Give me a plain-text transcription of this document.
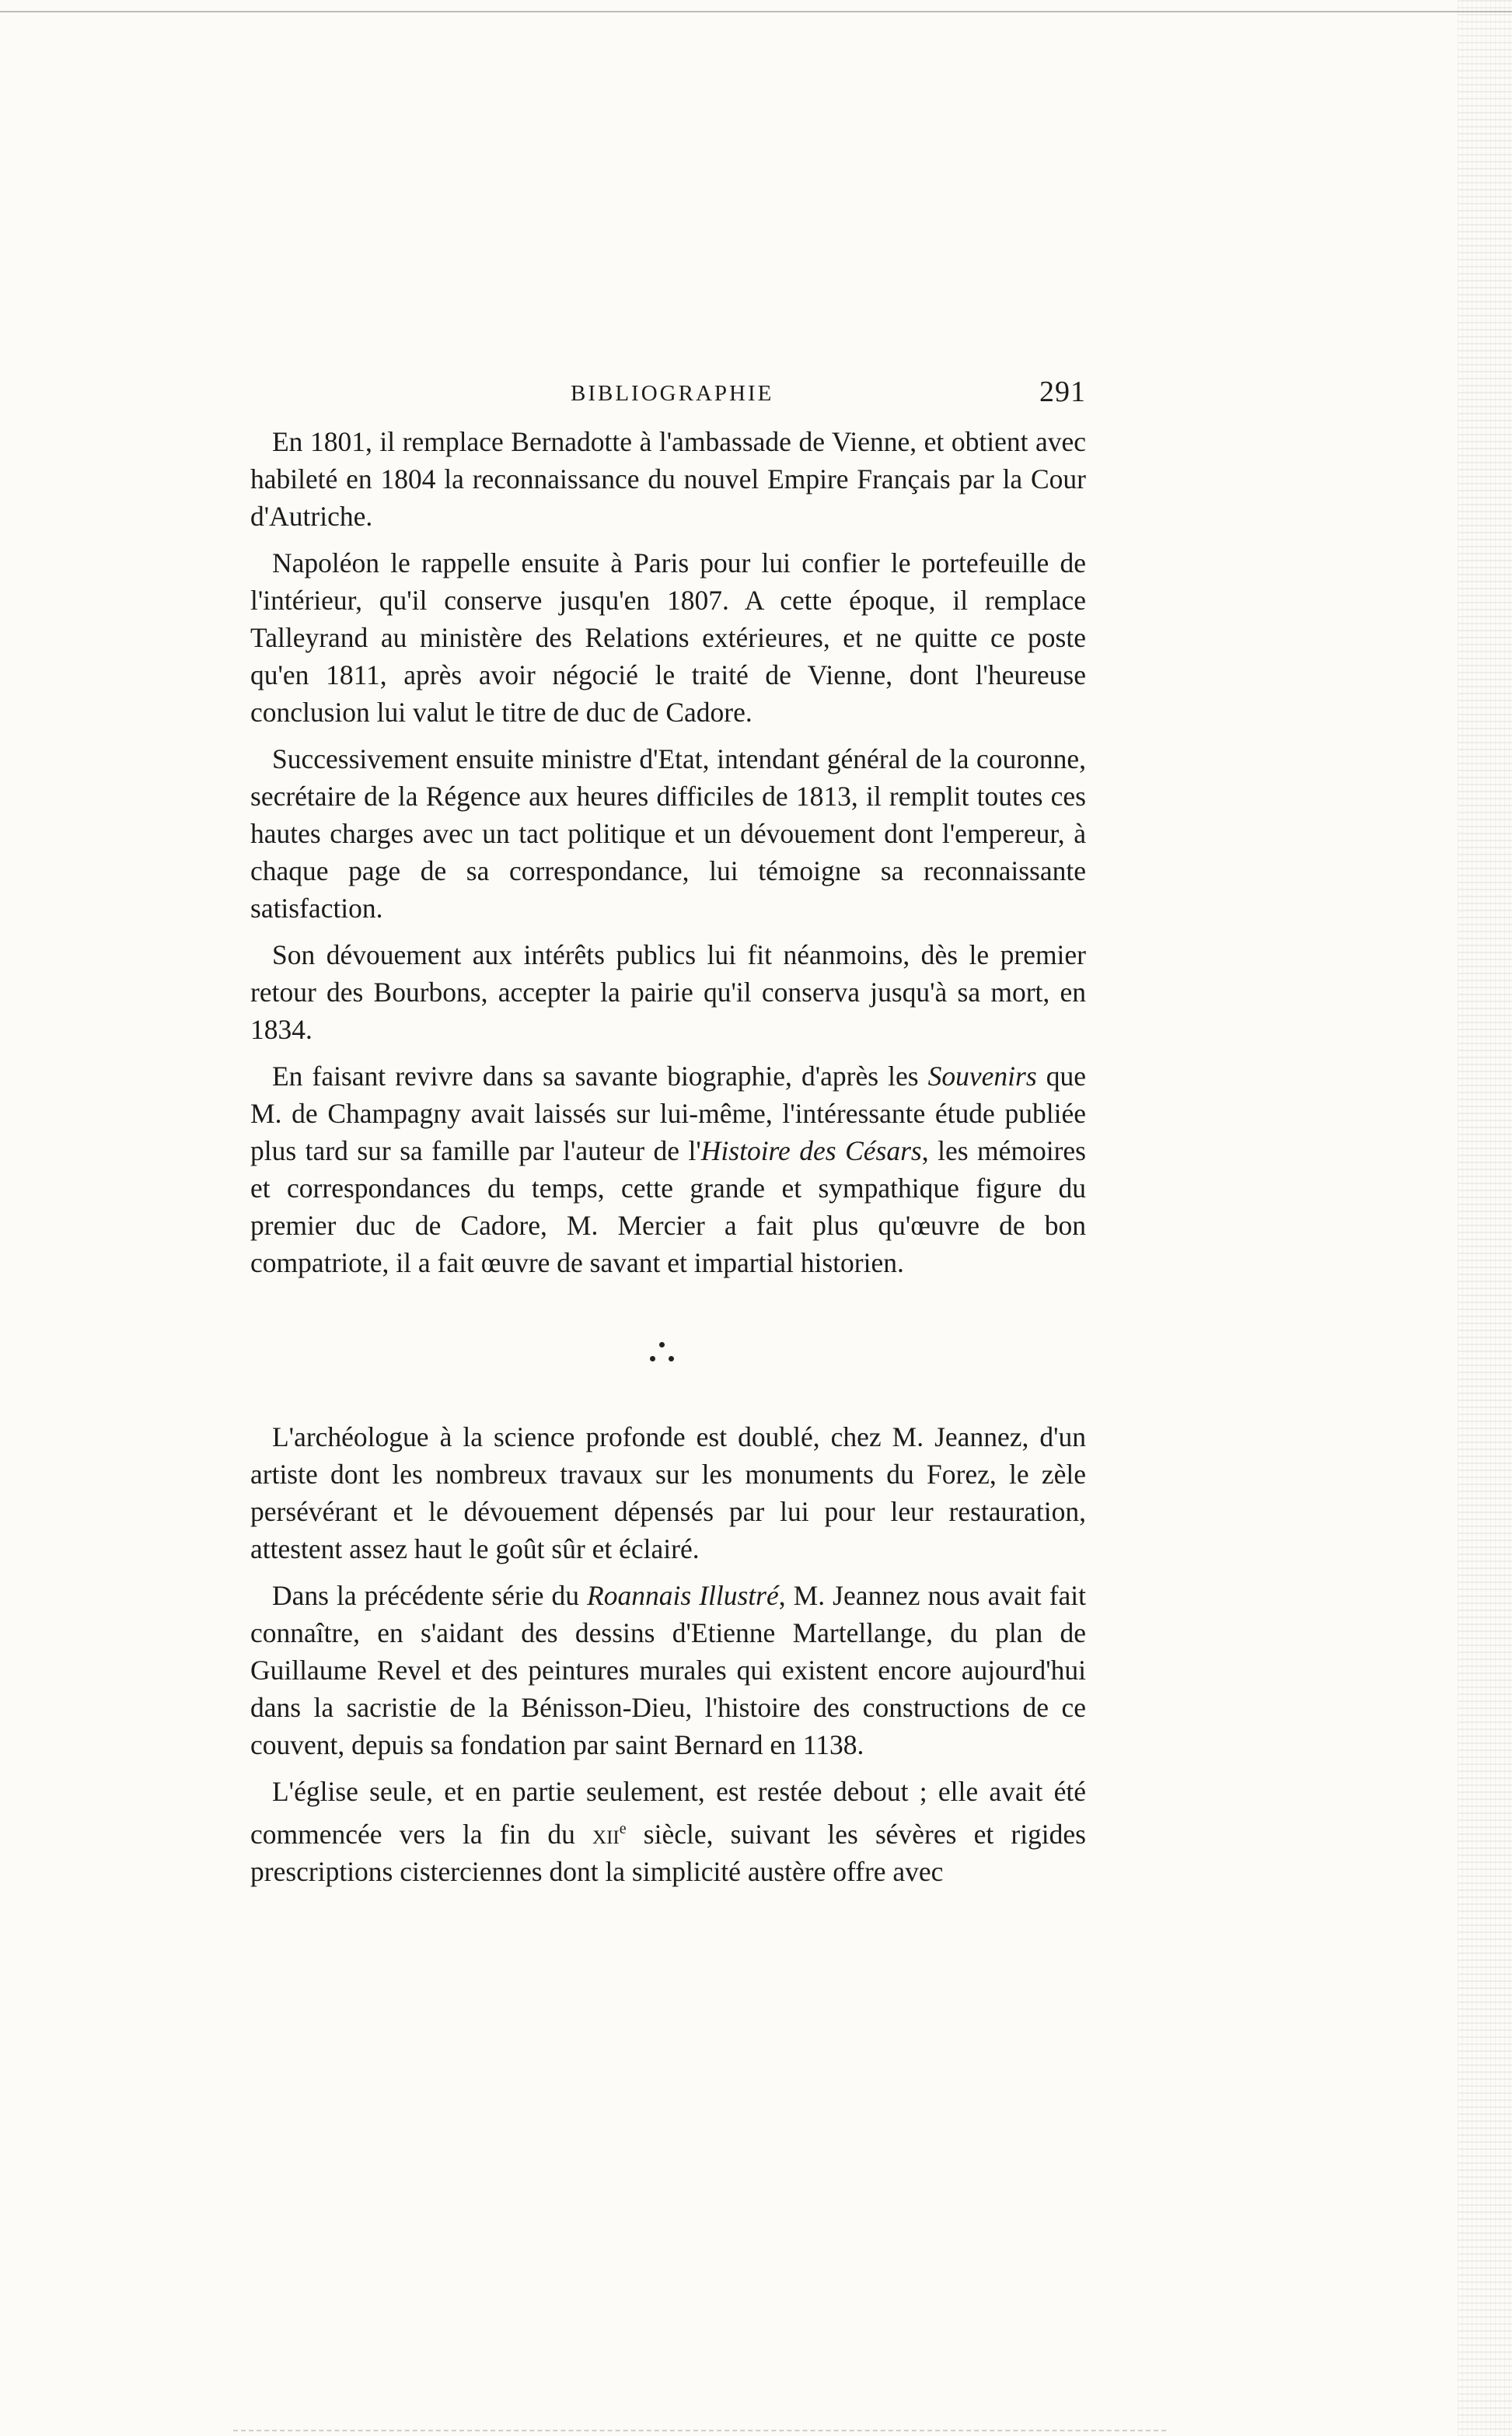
BIBLIOGRAPHIE	291

En 1801, il remplace Bernadotte à l'ambassade de Vienne, et obtient avec habileté en 1804 la reconnaissance du nouvel Empire Français par la Cour d'Autriche.

Napoléon le rappelle ensuite à Paris pour lui confier le portefeuille de l'intérieur, qu'il conserve jusqu'en 1807. A cette époque, il remplace Talleyrand au ministère des Relations extérieures, et ne quitte ce poste qu'en 1811, après avoir négocié le traité de Vienne, dont l'heureuse conclusion lui valut le titre de duc de Cadore.

Successivement ensuite ministre d'Etat, intendant général de la couronne, secrétaire de la Régence aux heures difficiles de 1813, il remplit toutes ces hautes charges avec un tact politique et un dévouement dont l'empereur, à chaque page de sa correspondance, lui témoigne sa reconnaissante satisfaction.

Son dévouement aux intérêts publics lui fit néanmoins, dès le premier retour des Bourbons, accepter la pairie qu'il conserva jusqu'à sa mort, en 1834.

En faisant revivre dans sa savante biographie, d'après les Souvenirs que M. de Champagny avait laissés sur lui-même, l'intéressante étude publiée plus tard sur sa famille par l'auteur de l'Histoire des Césars, les mémoires et correspondances du temps, cette grande et sympathique figure du premier duc de Cadore, M. Mercier a fait plus qu'œuvre de bon compatriote, il a fait œuvre de savant et impartial historien.

L'archéologue à la science profonde est doublé, chez M. Jeannez, d'un artiste dont les nombreux travaux sur les monuments du Forez, le zèle persévérant et le dévouement dépensés par lui pour leur restauration, attestent assez haut le goût sûr et éclairé.

Dans la précédente série du Roannais Illustré, M. Jeannez nous avait fait connaître, en s'aidant des dessins d'Etienne Martellange, du plan de Guillaume Revel et des peintures murales qui existent encore aujourd'hui dans la sacristie de la Bénisson-Dieu, l'histoire des constructions de ce couvent, depuis sa fondation par saint Bernard en 1138.

L'église seule, et en partie seulement, est restée debout ; elle avait été commencée vers la fin du xii$^e$ siècle, suivant les sévères et rigides prescriptions cisterciennes dont la simplicité austère offre avec
